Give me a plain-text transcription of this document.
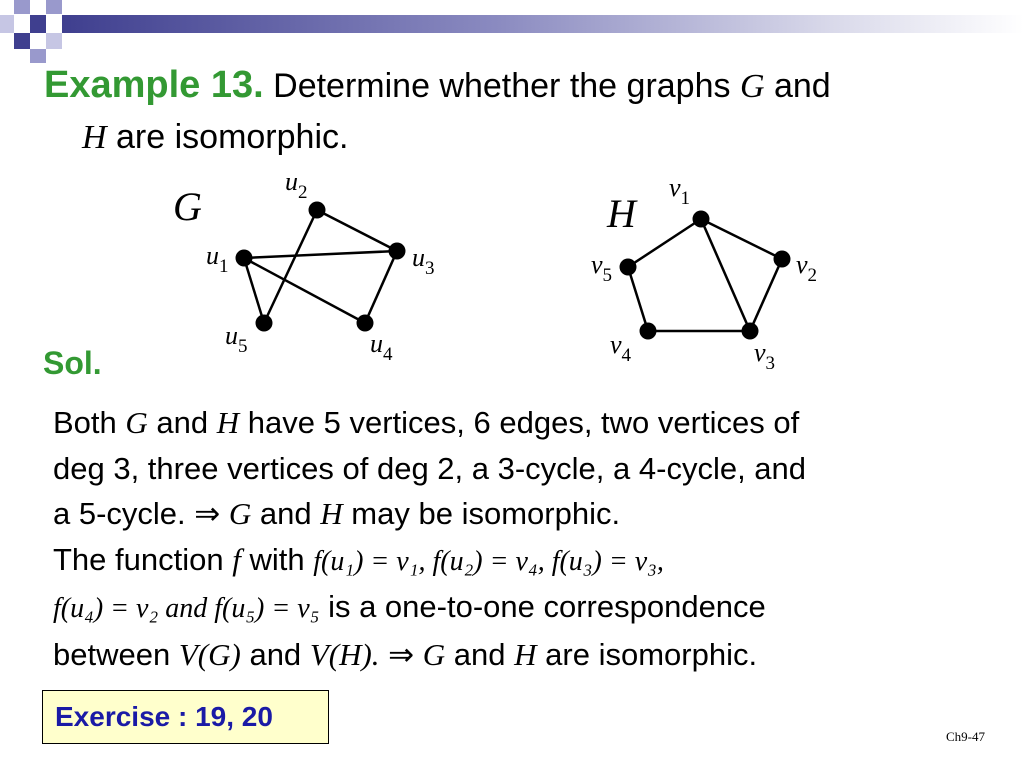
Example 13. Determine whether the graphs G and
H are isomorphic.
G
$u_1$
$u_2$
$u_3$
$u_4$
$u_5$
H
$v_1$
$v_2$
$v_3$
$v_4$
$v_5$
Sol.

Both G and H have 5 vertices, 6 edges, two vertices of

deg 3, three vertices of deg 2, a 3-cycle, a 4-cycle, and

a 5-cycle. ⇒ G and H may be isomorphic.

The function f with f(u₁) = v₁, f(u₂) = v₄, f(u₃) = v₃,

f(u₄) = v₂ and f(u₅) = v₅ is a one-to-one correspondence

between V(G) and V(H). ⇒ G and H are isomorphic.

Exercise : 19, 20
Ch9-47
